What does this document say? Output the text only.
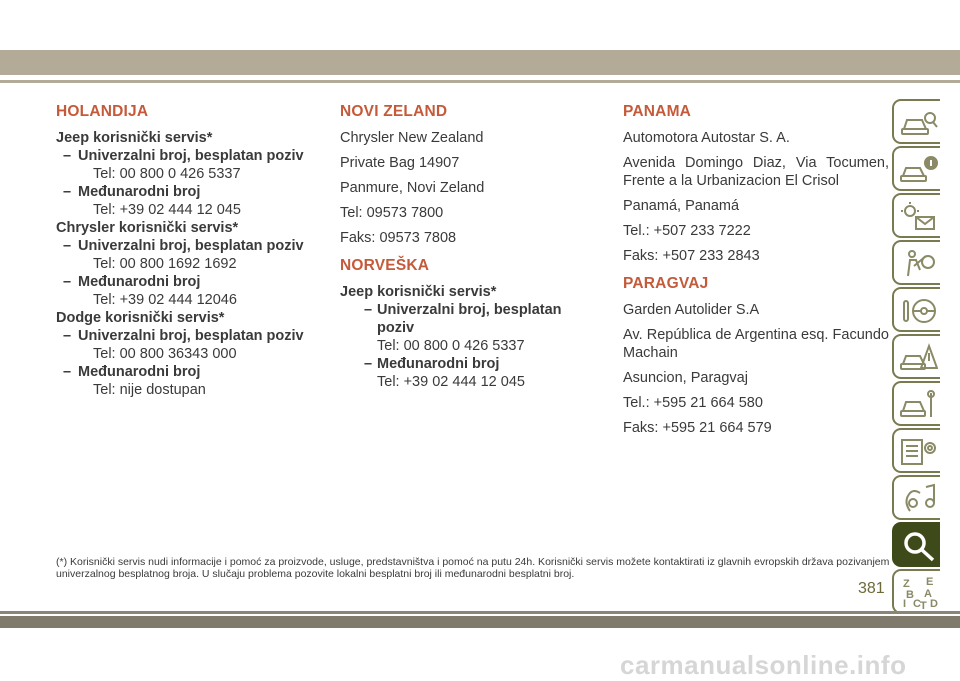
HOLANDIJA
Jeep korisnički servis*
– Univerzalni broj, besplatan poziv
Tel: 00 800 0 426 5337
– Međunarodni broj
Tel: +39 02 444 12 045
Chrysler korisnički servis*
– Univerzalni broj, besplatan poziv
Tel: 00 800 1692 1692
– Međunarodni broj
Tel: +39 02 444 12046
Dodge korisnički servis*
– Univerzalni broj, besplatan poziv
Tel: 00 800 36343 000
– Međunarodni broj
Tel: nije dostupan
NOVI ZELAND
Chrysler New Zealand
Private Bag 14907
Panmure, Novi Zeland
Tel: 09573 7800
Faks: 09573 7808
NORVEŠKA
Jeep korisnički servis*
– Univerzalni broj, besplatan poziv
Tel: 00 800 0 426 5337
– Međunarodni broj
Tel: +39 02 444 12 045
PANAMA
Automotora Autostar S. A.
Avenida Domingo Diaz, Via Tocumen, Frente a la Urbanizacion El Crisol
Panamá, Panamá
Tel.: +507 233 7222
Faks: +507 233 2843
PARAGVAJ
Garden Autolider S.A
Av. República de Argentina esq. Facundo Machain
Asuncion, Paragvaj
Tel.: +595 21 664 580
Faks: +595 21 664 579
Z E
B A
C
I D
T
(*) Korisnički servis nudi informacije i pomoć za proizvode, usluge, predstavništva i pomoć na putu 24h. Korisnički servis možete kontaktirati iz glavnih evropskih država pozivanjem univerzalnog besplatnog broja. U slučaju problema pozovite lokalni besplatni broj ili međunarodni besplatni broj.
381
carmanualsonline.info
